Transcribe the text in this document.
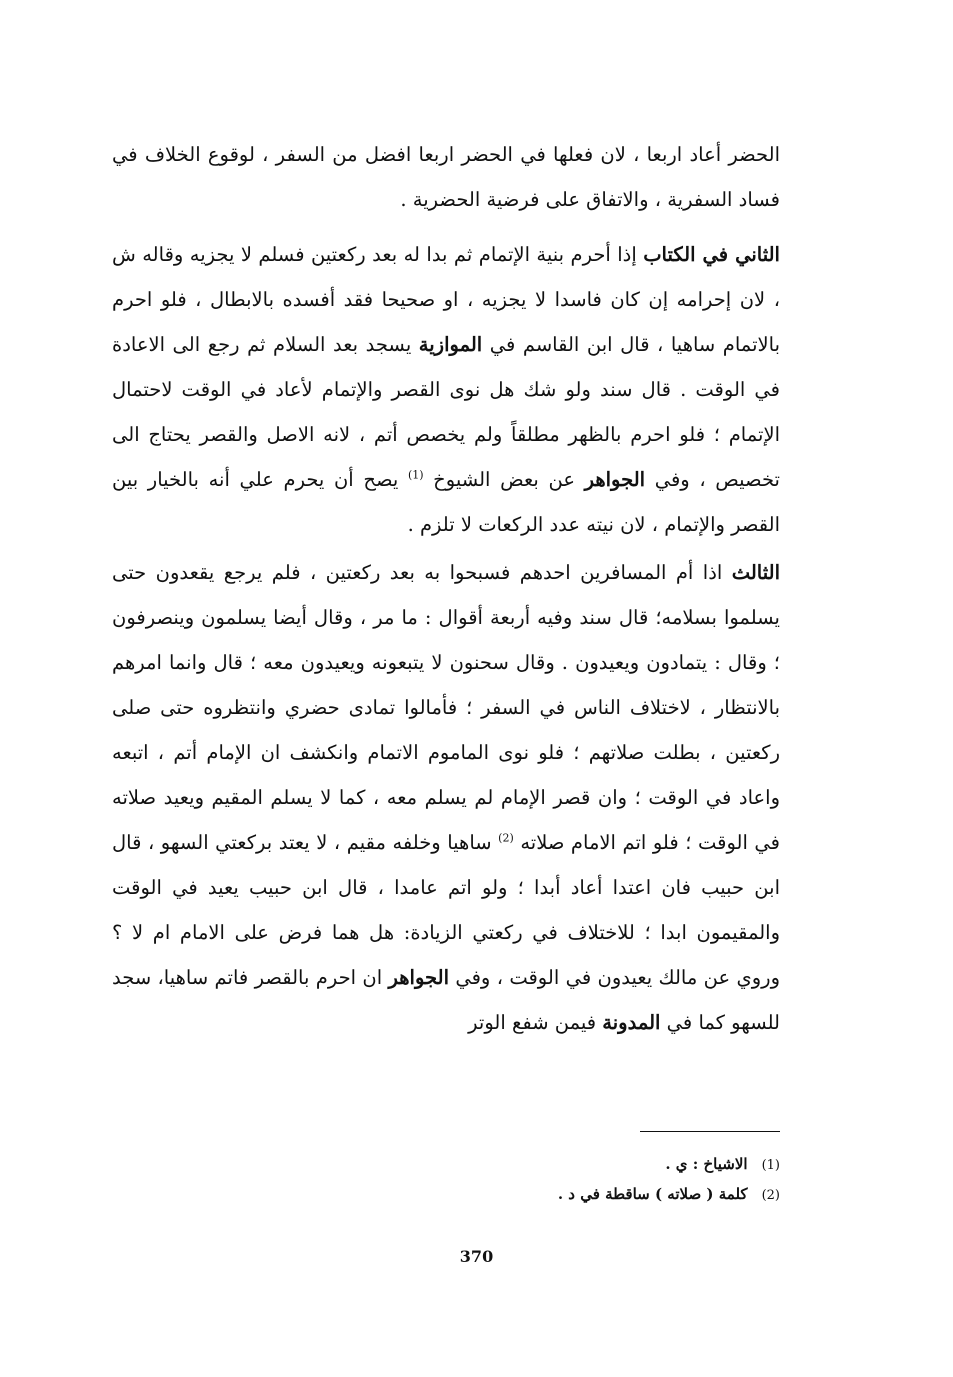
الحضر أعاد اربعا ، لان فعلها في الحضر اربعا افضل من السفر ، لوقوع الخلاف في فساد السفرية ، والاتفاق على فرضية الحضرية .

الثاني في الكتاب إذا أحرم بنية الإتمام ثم بدا له بعد ركعتين فسلم لا يجزيه وقاله ش ، لان إحرامه إن كان فاسدا لا يجزيه ، او صحيحا فقد أفسده بالابطال ، فلو احرم بالاتمام ساهيا ، قال ابن القاسم في الموازية يسجد بعد السلام ثم رجع الى الاعادة في الوقت . قال سند ولو شك هل نوى القصر والإتمام لأعاد في الوقت لاحتمال الإتمام ؛ فلو احرم بالظهر مطلقاً ولم يخصص أتم ، لانه الاصل والقصر يحتاج الى تخصيص ، وفي الجواهر عن بعض الشيوخ $^{(1)}$ يصح أن يحرم علي أنه بالخيار بين القصر والإتمام ، لان نيته عدد الركعات لا تلزم .

الثالث اذا أم المسافرين احدهم فسبحوا به بعد ركعتين ، فلم يرجع يقعدون حتى يسلموا بسلامه؛ قال سند وفيه أربعة أقوال : ما مر ، وقال أيضا يسلمون وينصرفون ؛ وقال : يتمادون ويعيدون . وقال سحنون لا يتبعونه ويعيدون معه ؛ قال وانما امرهم بالانتظار ، لاختلاف الناس في السفر ؛ فأمالوا تمادى حضري وانتظروه حتى صلى ركعتين ، بطلت صلاتهم ؛ فلو نوى الماموم الاتمام وانكشف ان الإمام أتم ، اتبعه واعاد في الوقت ؛ وان قصر الإمام لم يسلم معه ، كما لا يسلم المقيم ويعيد صلاته في الوقت ؛ فلو اتم الامام صلاته $^{(2)}$ ساهيا وخلفه مقيم ، لا يعتد بركعتي السهو ، قال ابن حبيب فان اعتدا أعاد أبدا ؛ ولو اتم عامدا ، قال ابن حبيب يعيد في الوقت والمقيمون ابدا ؛ للاختلاف في ركعتي الزيادة: هل هما فرض على الامام ام لا ؟ وروي عن مالك يعيدون في الوقت ، وفي الجواهر ان احرم بالقصر فاتم ساهيا، سجد للسهو كما في المدونة فيمن شفع الوتر

(1)الاشياخ : ي .

(2)كلمة ( صلاته ) ساقطة في د .

370
